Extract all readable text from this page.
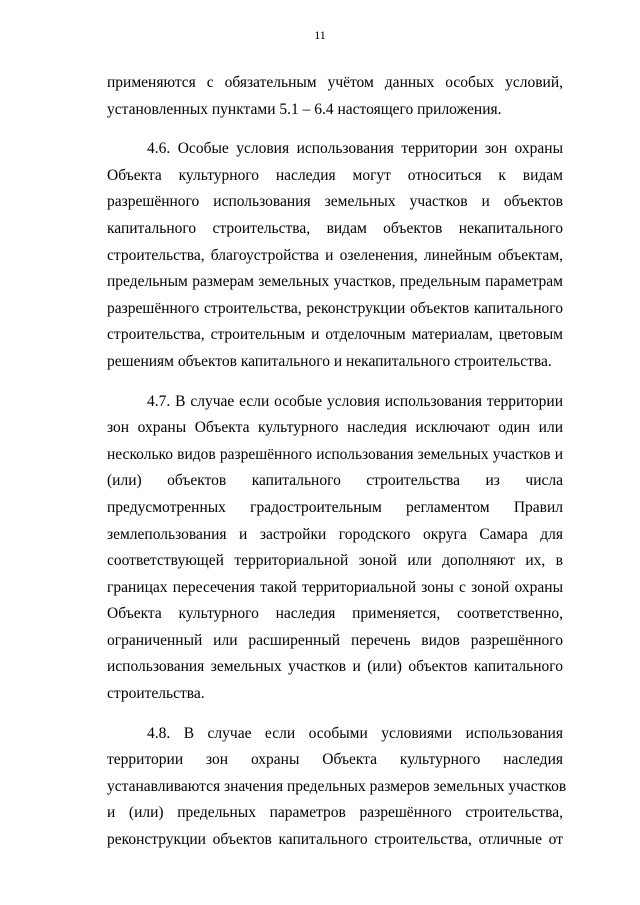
11
применяются с обязательным учётом данных особых условий,
установленных пунктами 5.1 – 6.4 настоящего приложения.
4.6. Особые условия использования территории зон охраны
Объекта культурного наследия могут относиться к видам
разрешённого использования земельных участков и объектов
капитального строительства, видам объектов некапитального
строительства, благоустройства и озеленения, линейным объектам,
предельным размерам земельных участков, предельным параметрам
разрешённого строительства, реконструкции объектов капитального
строительства, строительным и отделочным материалам, цветовым
решениям объектов капитального и некапитального строительства.
4.7. В случае если особые условия использования территории
зон охраны Объекта культурного наследия исключают один или
несколько видов разрешённого использования земельных участков и
(или) объектов капитального строительства из числа
предусмотренных градостроительным регламентом Правил
землепользования и застройки городского округа Самара для
соответствующей территориальной зоной или дополняют их, в
границах пересечения такой территориальной зоны с зоной охраны
Объекта культурного наследия применяется, соответственно,
ограниченный или расширенный перечень видов разрешённого
использования земельных участков и (или) объектов капитального
строительства.
4.8. В случае если особыми условиями использования
территории зон охраны Объекта культурного наследия
устанавливаются значения предельных размеров земельных участков
и (или) предельных параметров разрешённого строительства,
реконструкции объектов капитального строительства, отличные от
